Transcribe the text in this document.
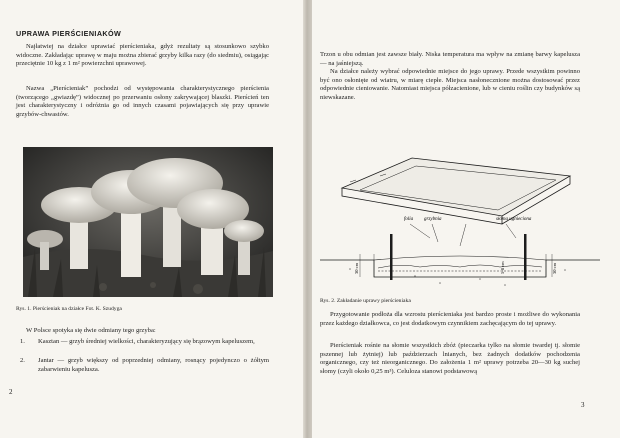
UPRAWA PIERŚCIENIAKÓW

Najłatwiej na działce uprawiać pierścieniaka, gdyż rezultaty są stosunkowo szybko widoczne. Zakładając uprawę w maju można zbierać grzyby kilka razy (do siedmiu), osiągając przeciętnie 10 kg z 1 m² powierzchni uprawowej.

Nazwa „Pierścieniak” pochodzi od występowania charakterystycznego pierścienia (tworzącego „gwiazdę”) widocznej po przerwaniu osłony zakrywającej blaszki. Pierścień ten jest charakterystyczny i odróżnia go od innych czasami pojawiających się przy uprawie grzybów-chwastów.

Rys. 1. Pierścieniak na działce Fot. K. Szudyga

W Polsce spotyka się dwie odmiany tego grzyba:

1. Kasztan — grzyb średniej wielkości, charakteryzujący się brązowym kapeluszem,

2. Jantar — grzyb większy od poprzedniej odmiany, rosnący pojedynczo o żółtym zabarwieniu kapelusza.

2

Trzon u obu odmian jest zawsze biały. Niska temperatura ma wpływ na zmianę barwy kapelusza — na jaśniejszą.

Na działce należy wybrać odpowiednie miejsce do jego uprawy. Przede wszystkim powinno być ono osłonięte od wiatru, w miarę ciepłe. Miejsca nasłonecznione można dostosować przez odpowiednie cieniowanie. Natomiast miejsca półzacienione, lub w cieniu roślin czy budynków są niewskazane.

Rys. 2. Zakładanie uprawy pierścieniaka

Przygotowanie podłoża dla wzrostu pierścieniaka jest bardzo proste i możliwe do wykonania przez każdego działkowca, co jest dodatkowym czynnikiem zachęcającym do tej uprawy.

Pierścieniak rośnie na słomie wszystkich zbóż (pieczarka tylko na słomie twardej tj. słomie pszennej lub żytniej) lub paździerzach lnianych, bez żadnych dodatków pochodzenia organicznego, czy też nieorganicznego. Do założenia 1 m² uprawy potrzeba 20—30 kg suchej słomy (czyli około 0,25 m³). Celuloza stanowi podstawową

3

folia grzybnia	słoma ugnieciona
30 cm	5-8 cm	30 cm
